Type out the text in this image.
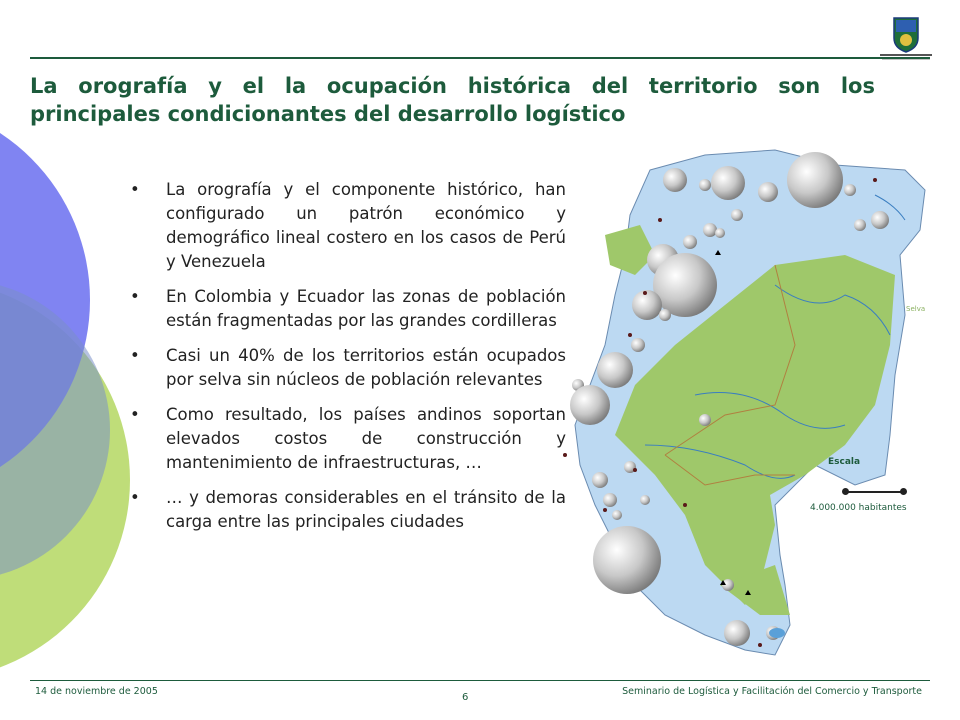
La orografía y el la ocupación histórica del territorio son los
principales condicionantes del desarrollo logístico
• La orografía y el componente histórico, han configurado un patrón económico y demográfico lineal costero en los casos de Perú y Venezuela
• En Colombia y Ecuador las zonas de población están fragmentadas por las grandes cordilleras
• Casi un 40% de los territorios están ocupados por selva sin núcleos de población relevantes
• Como resultado, los países andinos soportan elevados costos de construcción y mantenimiento de infraestructuras, …
• … y demoras considerables en el tránsito de la carga entre las principales ciudades
Selva
Escala
4.000.000 habitantes
14 de noviembre de 2005
6
Seminario de Logística y Facilitación del Comercio y Transporte
